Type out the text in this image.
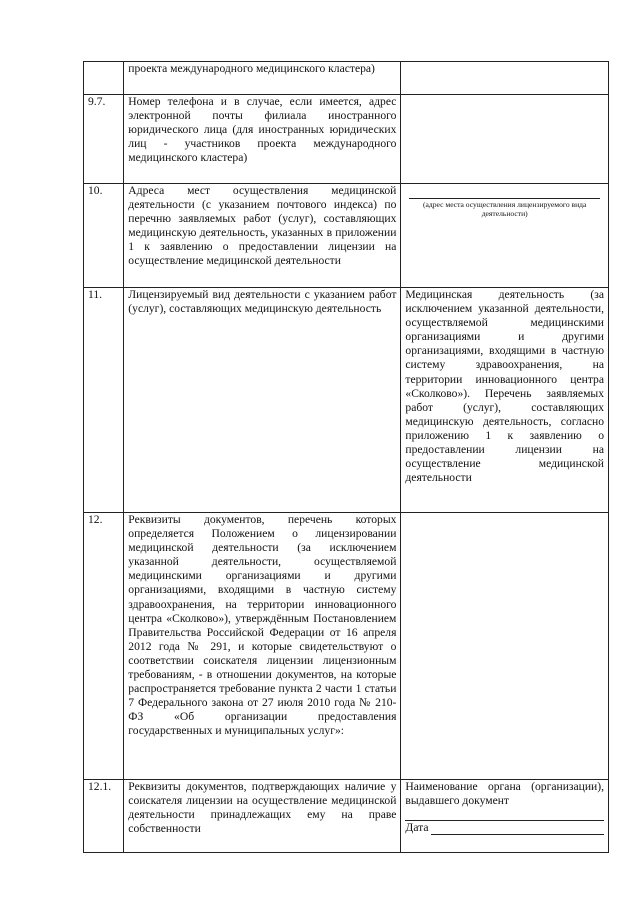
	проекта международного медицинского кластера)	
9.7.	Номер телефона и в случае, если имеется, адрес электронной почты филиала иностранного юридического лица (для иностранных юридических лиц - участников проекта международного медицинского кластера)	
10.	Адреса мест осуществления медицинской деятельности (с указанием почтового индекса) по перечню заявляемых работ (услуг), составляющих медицинскую деятельность, указанных в приложении 1 к заявлению о предоставлении лицензии на осуществление медицинской деятельности	(адрес места осуществления лицензируемого вида деятельности)

11.	Лицензируемый вид деятельности с указанием работ (услуг), составляющих медицинскую деятельность	Медицинская деятельность (за исключением указанной деятельности, осуществляемой медицинскими организациями и другими организациями, входящими в частную систему здравоохранения, на территории инновационного центра «Сколково»). Перечень заявляемых работ (услуг), составляющих медицинскую деятельность, согласно приложению 1 к заявлению о предоставлении лицензии на осуществление медицинской деятельности
12.	Реквизиты документов, перечень которых определяется Положением о лицензировании медицинской деятельности (за исключением указанной деятельности, осуществляемой медицинскими организациями и другими организациями, входящими в частную систему здравоохранения, на территории инновационного центра «Сколково»), утверждённым Постановлением Правительства Российской Федерации от 16 апреля 2012 года № 291, и которые свидетельствуют о соответствии соискателя лицензии лицензионным требованиям, - в отношении документов, на которые распространяется требование пункта 2 части 1 статьи 7 Федерального закона от 27 июля 2010 года № 210-ФЗ «Об организации предоставления государственных и муниципальных услуг»:	
12.1.	Реквизиты документов, подтверждающих наличие у соискателя лицензии на осуществление медицинской деятельности принадлежащих ему на праве собственности	Наименование органа (организации), выдавшего документ
Дата
